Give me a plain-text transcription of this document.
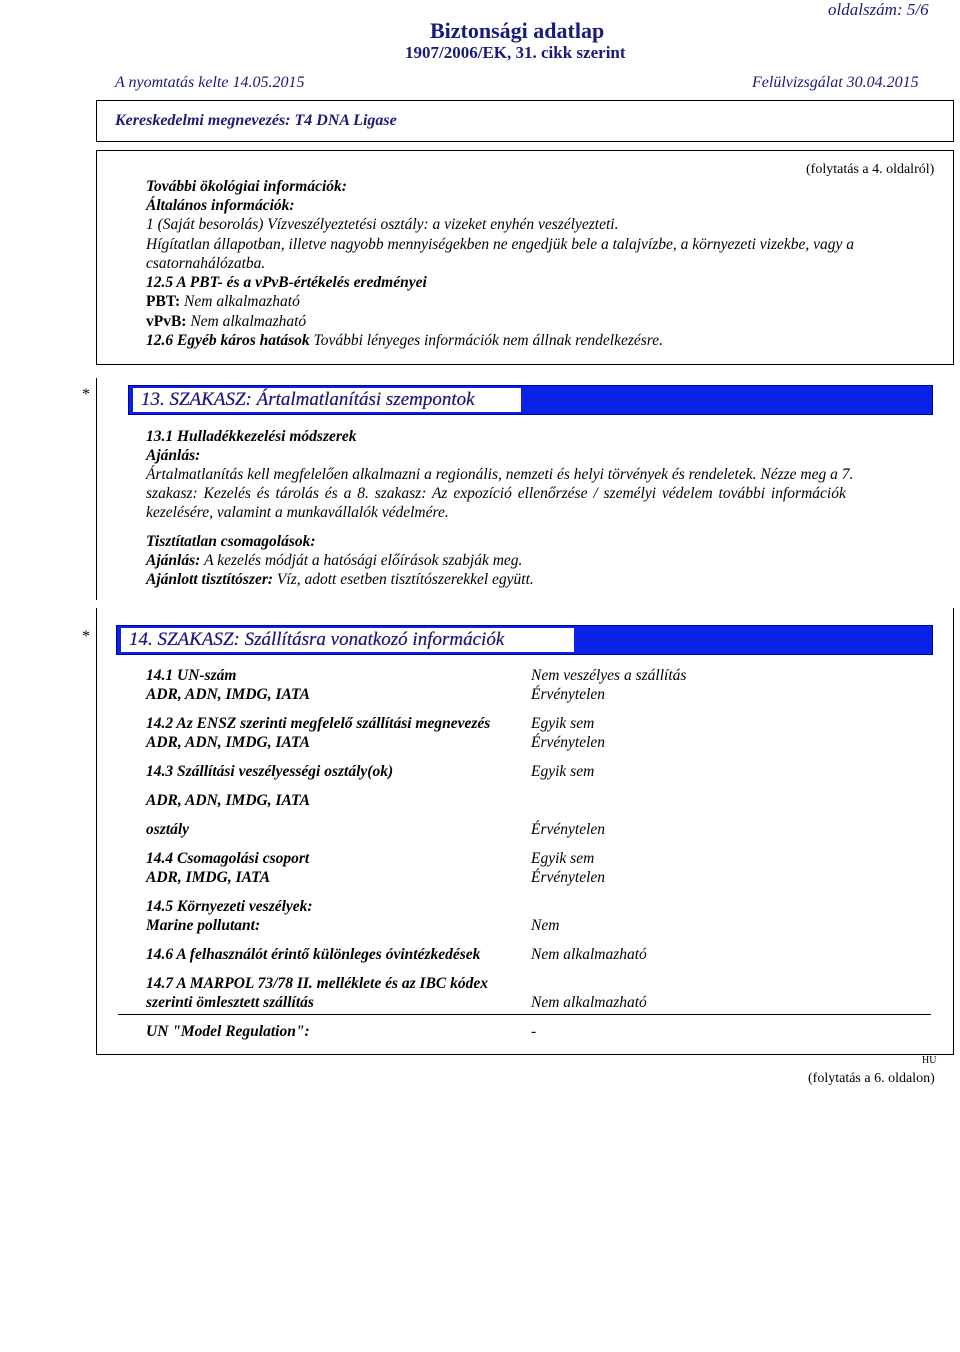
oldalszám: 5/6
Biztonsági adatlap
1907/2006/EK, 31. cikk szerint
A nyomtatás kelte 14.05.2015	Felülvizsgálat 30.04.2015
Kereskedelmi megnevezés: T4 DNA Ligase
(folytatás a 4. oldalról)
További ökológiai információk:
Általános információk:
1 (Saját besorolás) Vízveszélyeztetési osztály: a vizeket enyhén veszélyezteti.
Hígítatlan állapotban, illetve nagyobb mennyiségekben ne engedjük bele a talajvízbe, a környezeti vizekbe, vagy a
csatornahálózatba.
12.5 A PBT- és a vPvB-értékelés eredményei
PBT: Nem alkalmazható
vPvB: Nem alkalmazható
12.6 Egyéb káros hatások További lényeges információk nem állnak rendelkezésre.
*	13. SZAKASZ: Ártalmatlanítási szempontok
13.1 Hulladékkezelési módszerek
Ajánlás:
Ártalmatlanítás kell megfelelően alkalmazni a regionális, nemzeti és helyi törvények és rendeletek. Nézze meg a 7.
szakasz: Kezelés és tárolás és a 8. szakasz: Az expozíció ellenőrzése / személyi védelem további információk
kezelésére, valamint a munkavállalók védelmére.
Tisztítatlan csomagolások:
Ajánlás: A kezelés módját a hatósági előírások szabják meg.
Ajánlott tisztítószer: Víz, adott esetben tisztítószerekkel együtt.
*	14. SZAKASZ: Szállításra vonatkozó információk
14.1 UN-szám	Nem veszélyes a szállítás
ADR, ADN, IMDG, IATA	Érvénytelen
14.2 Az ENSZ szerinti megfelelő szállítási megnevezés	Egyik sem
ADR, ADN, IMDG, IATA	Érvénytelen
14.3 Szállítási veszélyességi osztály(ok)	Egyik sem
ADR, ADN, IMDG, IATA
osztály	Érvénytelen
14.4 Csomagolási csoport	Egyik sem
ADR, IMDG, IATA	Érvénytelen
14.5 Környezeti veszélyek:
Marine pollutant:	Nem
14.6 A felhasználót érintő különleges óvintézkedések	Nem alkalmazható
14.7 A MARPOL 73/78 II. melléklete és az IBC kódex
szerinti ömlesztett szállítás	Nem alkalmazható
UN "Model Regulation":	-
HU
(folytatás a 6. oldalon)
